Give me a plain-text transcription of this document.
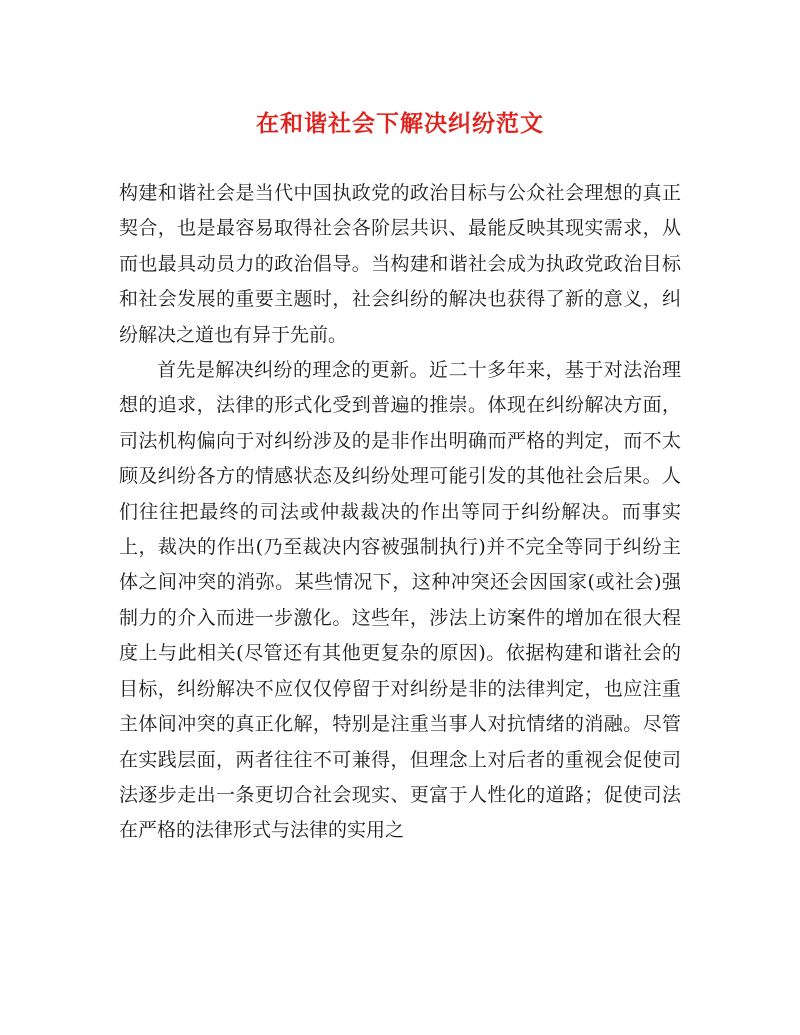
在和谐社会下解决纠纷范文

构建和谐社会是当代中国执政党的政治目标与公众社会理想的真正契合，也是最容易取得社会各阶层共识、最能反映其现实需求，从而也最具动员力的政治倡导。当构建和谐社会成为执政党政治目标和社会发展的重要主题时，社会纠纷的解决也获得了新的意义，纠纷解决之道也有异于先前。

首先是解决纠纷的理念的更新。近二十多年来，基于对法治理想的追求，法律的形式化受到普遍的推崇。体现在纠纷解决方面，司法机构偏向于对纠纷涉及的是非作出明确而严格的判定，而不太顾及纠纷各方的情感状态及纠纷处理可能引发的其他社会后果。人们往往把最终的司法或仲裁裁决的作出等同于纠纷解决。而事实上，裁决的作出(乃至裁决内容被强制执行)并不完全等同于纠纷主体之间冲突的消弥。某些情况下，这种冲突还会因国家(或社会)强制力的介入而进一步激化。这些年，涉法上访案件的增加在很大程度上与此相关(尽管还有其他更复杂的原因)。依据构建和谐社会的目标，纠纷解决不应仅仅停留于对纠纷是非的法律判定，也应注重主体间冲突的真正化解，特别是注重当事人对抗情绪的消融。尽管在实践层面，两者往往不可兼得，但理念上对后者的重视会促使司法逐步走出一条更切合社会现实、更富于人性化的道路；促使司法在严格的法律形式与法律的实用之
